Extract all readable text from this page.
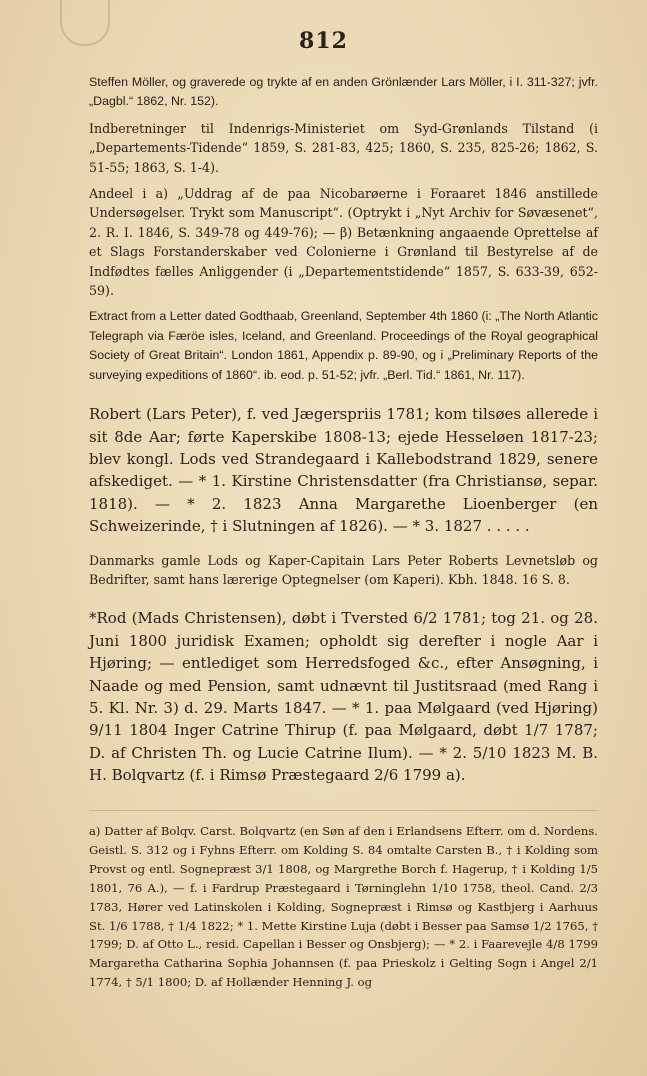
812

Steffen Möller, og graverede og trykte af en anden Grönlænder Lars Möller, i I. 311-327; jvfr. „Dagbl.“ 1862, Nr. 152).

Indberetninger til Indenrigs-Ministeriet om Syd-Grønlands Tilstand (i „Departements-Tidende“ 1859, S. 281-83, 425; 1860, S. 235, 825-26; 1862, S. 51-55; 1863, S. 1-4).

Andeel i a) „Uddrag af de paa Nicobarøerne i Foraaret 1846 anstillede Undersøgelser. Trykt som Manuscript“. (Optrykt i „Nyt Archiv for Søvæsenet“, 2. R. I. 1846, S. 349-78 og 449-76); — β) Betænkning angaaende Oprettelse af et Slags Forstanderskaber ved Colonierne i Grønland til Bestyrelse af de Indfødtes fælles Anliggender (i „Departementstidende“ 1857, S. 633-39, 652-59).

Extract from a Letter dated Godthaab, Greenland, September 4th 1860 (i: „The North Atlantic Telegraph via Færöe isles, Iceland, and Greenland. Proceedings of the Royal geographical Society of Great Britain“. London 1861, Appendix p. 89-90, og i „Preliminary Reports of the surveying expeditions of 1860“. ib. eod. p. 51-52; jvfr. „Berl. Tid.“ 1861, Nr. 117).

Robert (Lars Peter), f. ved Jægerspriis 1781; kom tilsøes allerede i sit 8de Aar; førte Kaperskibe 1808-13; ejede Hesseløen 1817-23; blev kongl. Lods ved Strandegaard i Kallebodstrand 1829, senere afskediget. — * 1. Kirstine Christensdatter (fra Christiansø, separ. 1818). — * 2. 1823 Anna Margarethe Lioenberger (en Schweizerinde, † i Slutningen af 1826). — * 3. 1827 . . . . .

Danmarks gamle Lods og Kaper-Capitain Lars Peter Roberts Levnetsløb og Bedrifter, samt hans lærerige Optegnelser (om Kaperi). Kbh. 1848. 16 S. 8.

*Rod (Mads Christensen), døbt i Tversted 6/2 1781; tog 21. og 28. Juni 1800 juridisk Examen; opholdt sig derefter i nogle Aar i Hjøring; — entlediget som Herredsfoged &c., efter Ansøgning, i Naade og med Pension, samt udnævnt til Justitsraad (med Rang i 5. Kl. Nr. 3) d. 29. Marts 1847. — * 1. paa Mølgaard (ved Hjøring) 9/11 1804 Inger Catrine Thirup (f. paa Mølgaard, døbt 1/7 1787; D. af Christen Th. og Lucie Catrine Ilum). — * 2. 5/10 1823 M. B. H. Bolqvartz (f. i Rimsø Præstegaard 2/6 1799 a).

a) Datter af Bolqv. Carst. Bolqvartz (en Søn af den i Erlandsens Efterr. om d. Nordens. Geistl. S. 312 og i Fyhns Efterr. om Kolding S. 84 omtalte Carsten B., † i Kolding som Provst og entl. Sognepræst 3/1 1808, og Margrethe Borch f. Hagerup, † i Kolding 1/5 1801, 76 A.), — f. i Fardrup Præstegaard i Tørninglehn 1/10 1758, theol. Cand. 2/3 1783, Hører ved Latinskolen i Kolding, Sognepræst i Rimsø og Kastbjerg i Aarhuus St. 1/6 1788, † 1/4 1822; * 1. Mette Kirstine Luja (døbt i Besser paa Samsø 1/2 1765, † 1799; D. af Otto L., resid. Capellan i Besser og Onsbjerg); — * 2. i Faarevejle 4/8 1799 Margaretha Catharina Sophia Johannsen (f. paa Prieskolz i Gelting Sogn i Angel 2/1 1774, † 5/1 1800; D. af Hollænder Henning J. og
